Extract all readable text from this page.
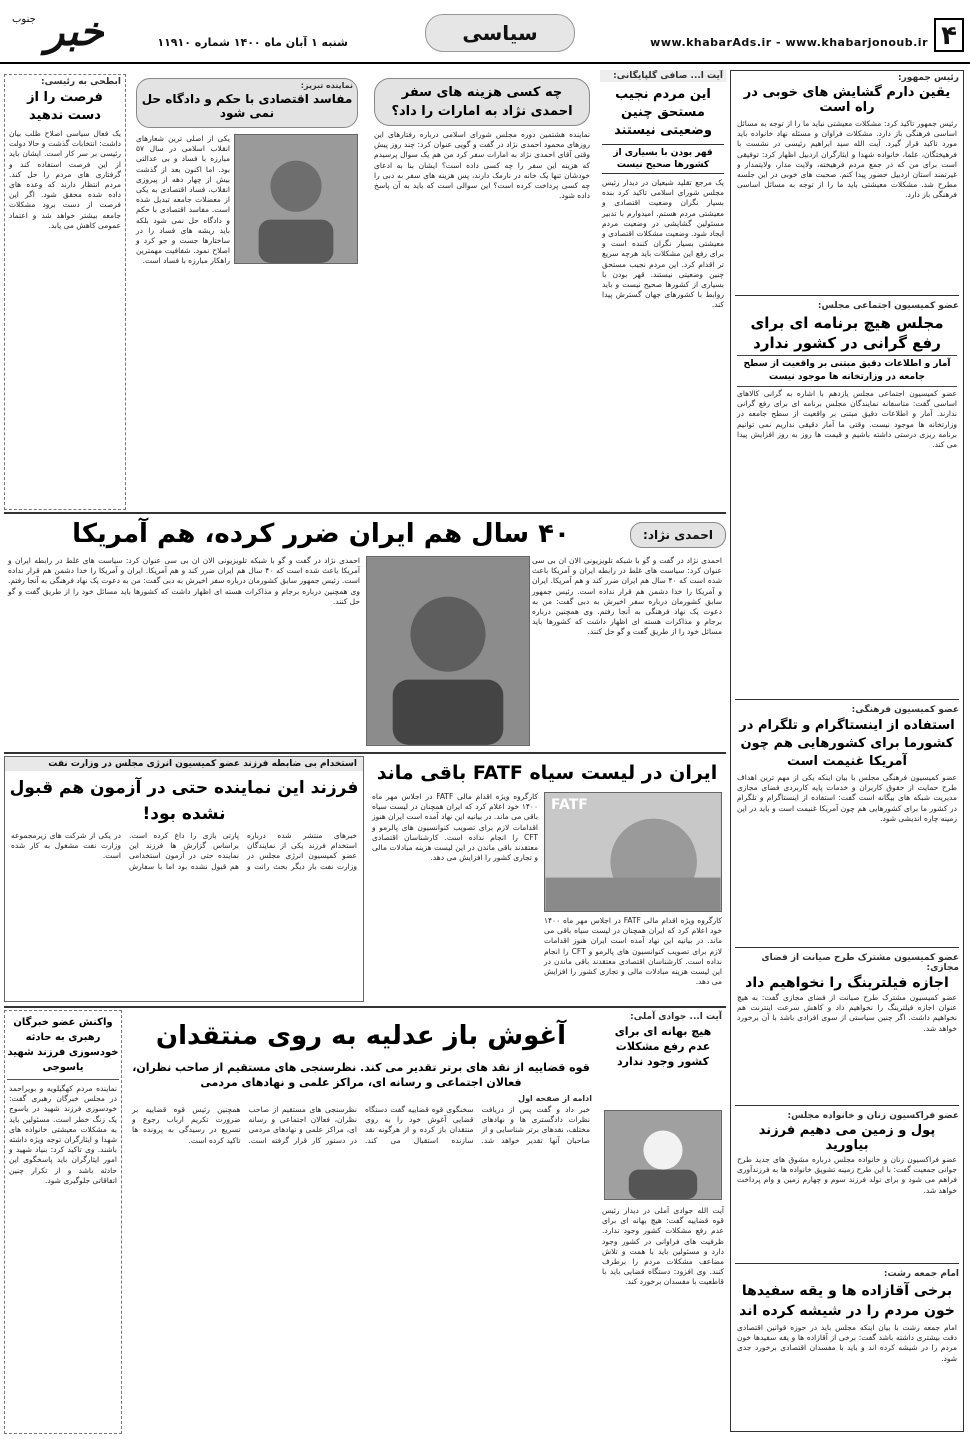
۴
www.khabarAds.ir - www.khabarjonoub.ir
سیاسی
شنبه ۱ آبان ماه ۱۴۰۰ شماره ۱۱۹۱۰
خبر
جنوب
رئیس جمهور:
یقین دارم گشایش های خوبی در راه است
رئیس جمهور تاکید کرد: مشکلات معیشتی نباید ما را از توجه به مسائل اساسی فرهنگی باز دارد. مشکلات فراوان و مسئله نهاد خانواده باید مورد تاکید قرار گیرد. آیت الله سید ابراهیم رئیسی در نشست با فرهیختگان، علما، خانواده شهدا و ایثارگران اردبیل اظهار کرد: توفیقی است برای من که در جمع مردم فرهیخته، ولایت مدار، ولایتمدار و غیرتمند استان اردبیل حضور پیدا کنم. صحبت های خوبی در این جلسه مطرح شد. مشکلات معیشتی باید ما را از توجه به مسائل اساسی فرهنگی باز دارد.
عضو کمیسیون اجتماعی مجلس:
مجلس هیچ برنامه ای برای رفع گرانی در کشور ندارد
آمار و اطلاعات دقیق مبتنی بر واقعیت از سطح جامعه در وزارتخانه ها موجود نیست
عضو کمیسیون اجتماعی مجلس یازدهم با اشاره به گرانی کالاهای اساسی گفت: متاسفانه نمایندگان مجلس برنامه ای برای رفع گرانی ندارند. آمار و اطلاعات دقیق مبتنی بر واقعیت از سطح جامعه در وزارتخانه ها موجود نیست. وقتی ما آمار دقیقی نداریم نمی توانیم برنامه ریزی درستی داشته باشیم و قیمت ها روز به روز افزایش پیدا می کند.
عضو کمیسیون فرهنگی:
استفاده از اینستاگرام و تلگرام در کشورما برای کشورهایی هم چون آمریکا غنیمت است
عضو کمیسیون فرهنگی مجلس با بیان اینکه یکی از مهم ترین اهداف طرح حمایت از حقوق کاربران و خدمات پایه کاربردی فضای مجازی مدیریت شبکه های بیگانه است گفت: استفاده از اینستاگرام و تلگرام در کشور ما برای کشورهایی هم چون آمریکا غنیمت است و باید در این زمینه چاره اندیشی شود.
عضو کمیسیون مشترک طرح صیانت از فضای مجازی:
اجازه فیلترینگ را نخواهیم داد
عضو کمیسیون مشترک طرح صیانت از فضای مجازی گفت: به هیچ عنوان اجازه فیلترینگ را نخواهیم داد و کاهش سرعت اینترنت هم نخواهیم داشت. اگر چنین سیاستی از سوی افرادی باشد با آن برخورد خواهد شد.
عضو فراکسیون زنان و خانواده مجلس:
پول و زمین می دهیم فرزند بیاورید
عضو فراکسیون زنان و خانواده مجلس درباره مشوق های جدید طرح جوانی جمعیت گفت: با این طرح زمینه تشویق خانواده ها به فرزندآوری فراهم می شود و برای تولد فرزند سوم و چهارم زمین و وام پرداخت خواهد شد.
امام جمعه رشت:
برخی آقازاده ها و یقه سفیدها خون مردم را در شیشه کرده اند
امام جمعه رشت با بیان اینکه مجلس باید در حوزه قوانین اقتصادی دقت بیشتری داشته باشد گفت: برخی از آقازاده ها و یقه سفیدها خون مردم را در شیشه کرده اند و باید با مفسدان اقتصادی برخورد جدی شود.
آیت ا... صافی گلپایگانی:
این مردم نجیب مستحق چنین وضعیتی نیستند
قهر بودن با بسیاری از کشورها صحیح نیست
یک مرجع تقلید شیعیان در دیدار رئیس مجلس شورای اسلامی تاکید کرد بنده بسیار نگران وضعیت اقتصادی و معیشتی مردم هستم. امیدوارم با تدبیر مسئولین گشایشی در وضعیت مردم ایجاد شود. وضعیت مشکلات اقتصادی و معیشتی بسیار نگران کننده است و برای رفع این مشکلات باید هرچه سریع تر اقدام کرد. این مردم نجیب مستحق چنین وضعیتی نیستند. قهر بودن با بسیاری از کشورها صحیح نیست و باید روابط با کشورهای جهان گسترش پیدا کند.
چه کسی هزینه های سفر احمدی نژاد به امارات را داد؟
نماینده هشتمین دوره مجلس شورای اسلامی درباره رفتارهای این روزهای محمود احمدی نژاد در گفت و گویی عنوان کرد: چند روز پیش وقتی آقای احمدی نژاد به امارات سفر کرد من هم یک سوال پرسیدم که هزینه این سفر را چه کسی داده است؟ ایشان بنا به ادعای خودشان تنها یک خانه در نارمک دارند، پس هزینه های سفر به دبی را چه کسی پرداخت کرده است؟ این سوالی است که باید به آن پاسخ داده شود.
نماینده تبریز:
مفاسد اقتصادی با حکم و دادگاه حل نمی شود
یکی از اصلی ترین شعارهای انقلاب اسلامی در سال ۵۷ مبارزه با فساد و بی عدالتی بود. اما اکنون بعد از گذشت بیش از چهار دهه از پیروزی انقلاب، فساد اقتصادی به یکی از معضلات جامعه تبدیل شده است. مفاسد اقتصادی با حکم و دادگاه حل نمی شود بلکه باید ریشه های فساد را در ساختارها جست و جو کرد و اصلاح نمود. شفافیت مهمترین راهکار مبارزه با فساد است.
ابطحی به رئیسی:
فرصت را از دست ندهید
یک فعال سیاسی اصلاح طلب بیان داشت: انتخابات گذشت و حالا دولت رئیسی بر سر کار است. ایشان باید از این فرصت استفاده کند و گرفتاری های مردم را حل کند. مردم انتظار دارند که وعده های داده شده محقق شود. اگر این فرصت از دست برود مشکلات جامعه بیشتر خواهد شد و اعتماد عمومی کاهش می یابد.
احمدی نژاد:
۴۰ سال هم ایران ضرر کرده، هم آمریکا
احمدی نژاد در گفت و گو با شبکه تلویزیونی الان ان بی سی عنوان کرد: سیاست های غلط در رابطه ایران و آمریکا باعث شده است که ۴۰ سال هم ایران ضرر کند و هم آمریکا. ایران و آمریکا را خدا دشمن هم قرار نداده است. رئیس جمهور سابق کشورمان درباره سفر اخیرش به دبی گفت: من به دعوت یک نهاد فرهنگی به آنجا رفتم. وی همچنین درباره برجام و مذاکرات هسته ای اظهار داشت که کشورها باید مسائل خود را از طریق گفت و گو حل کنند.
احمدی نژاد در گفت و گو با شبکه تلویزیونی الان ان بی سی عنوان کرد: سیاست های غلط در رابطه ایران و آمریکا باعث شده است که ۴۰ سال هم ایران ضرر کند و هم آمریکا. ایران و آمریکا را خدا دشمن هم قرار نداده است. رئیس جمهور سابق کشورمان درباره سفر اخیرش به دبی گفت: من به دعوت یک نهاد فرهنگی به آنجا رفتم. وی همچنین درباره برجام و مذاکرات هسته ای اظهار داشت که کشورها باید مسائل خود را از طریق گفت و گو حل کنند.
ایران در لیست سیاه FATF باقی ماند
FATF
کارگروه ویژه اقدام مالی FATF در اجلاس مهر ماه ۱۴۰۰ خود اعلام کرد که ایران همچنان در لیست سیاه باقی می ماند. در بیانیه این نهاد آمده است ایران هنوز اقدامات لازم برای تصویب کنوانسیون های پالرمو و CFT را انجام نداده است. کارشناسان اقتصادی معتقدند باقی ماندن در این لیست هزینه مبادلات مالی و تجاری کشور را افزایش می دهد.
کارگروه ویژه اقدام مالی FATF در اجلاس مهر ماه ۱۴۰۰ خود اعلام کرد که ایران همچنان در لیست سیاه باقی می ماند. در بیانیه این نهاد آمده است ایران هنوز اقدامات لازم برای تصویب کنوانسیون های پالرمو و CFT را انجام نداده است. کارشناسان اقتصادی معتقدند باقی ماندن در این لیست هزینه مبادلات مالی و تجاری کشور را افزایش می دهد.
استخدام بی ضابطه فرزند عضو کمیسیون انرژی مجلس در وزارت نفت
فرزند این نماینده حتی در آزمون هم قبول نشده بود!
خبرهای منتشر شده درباره استخدام فرزند یکی از نمایندگان عضو کمیسیون انرژی مجلس در وزارت نفت بار دیگر بحث رانت و پارتی بازی را داغ کرده است. براساس گزارش ها فرزند این نماینده حتی در آزمون استخدامی هم قبول نشده بود اما با سفارش در یکی از شرکت های زیرمجموعه وزارت نفت مشغول به کار شده است.
آیت ا... جوادی آملی:
هیچ بهانه ای برای عدم رفع مشکلات کشور وجود ندارد
آیت الله جوادی آملی در دیدار رئیس قوه قضاییه گفت: هیچ بهانه ای برای عدم رفع مشکلات کشور وجود ندارد. ظرفیت های فراوانی در کشور وجود دارد و مسئولین باید با همت و تلاش مضاعف مشکلات مردم را برطرف کنند. وی افزود: دستگاه قضایی باید با قاطعیت با مفسدان برخورد کند.
آغوش باز عدلیه به روی منتقدان
قوه قضاییه از نقد های برتر تقدیر می کند. نظرسنجی های مستقیم از صاحب نظران، فعالان اجتماعی و رسانه ای، مراکز علمی و نهادهای مردمی
ادامه از صفحه اول
خبر داد و گفت پس از دریافت نظرات دادگستری ها و نهادهای مختلف، نقدهای برتر شناسایی و از صاحبان آنها تقدیر خواهد شد. سخنگوی قوه قضاییه گفت دستگاه قضایی آغوش خود را به روی منتقدان باز کرده و از هرگونه نقد سازنده استقبال می کند. نظرسنجی های مستقیم از صاحب نظران، فعالان اجتماعی و رسانه ای، مراکز علمی و نهادهای مردمی در دستور کار قرار گرفته است. همچنین رئیس قوه قضاییه بر ضرورت تکریم ارباب رجوع و تسریع در رسیدگی به پرونده ها تاکید کرده است.
واکنش عضو خبرگان رهبری به حادثه خودسوزی فرزند شهید یاسوجی
نماینده مردم کهگیلویه و بویراحمد در مجلس خبرگان رهبری گفت: خودسوزی فرزند شهید در یاسوج یک زنگ خطر است. مسئولین باید به مشکلات معیشتی خانواده های شهدا و ایثارگران توجه ویژه داشته باشند. وی تاکید کرد: بنیاد شهید و امور ایثارگران باید پاسخگوی این حادثه باشد و از تکرار چنین اتفاقاتی جلوگیری شود.
